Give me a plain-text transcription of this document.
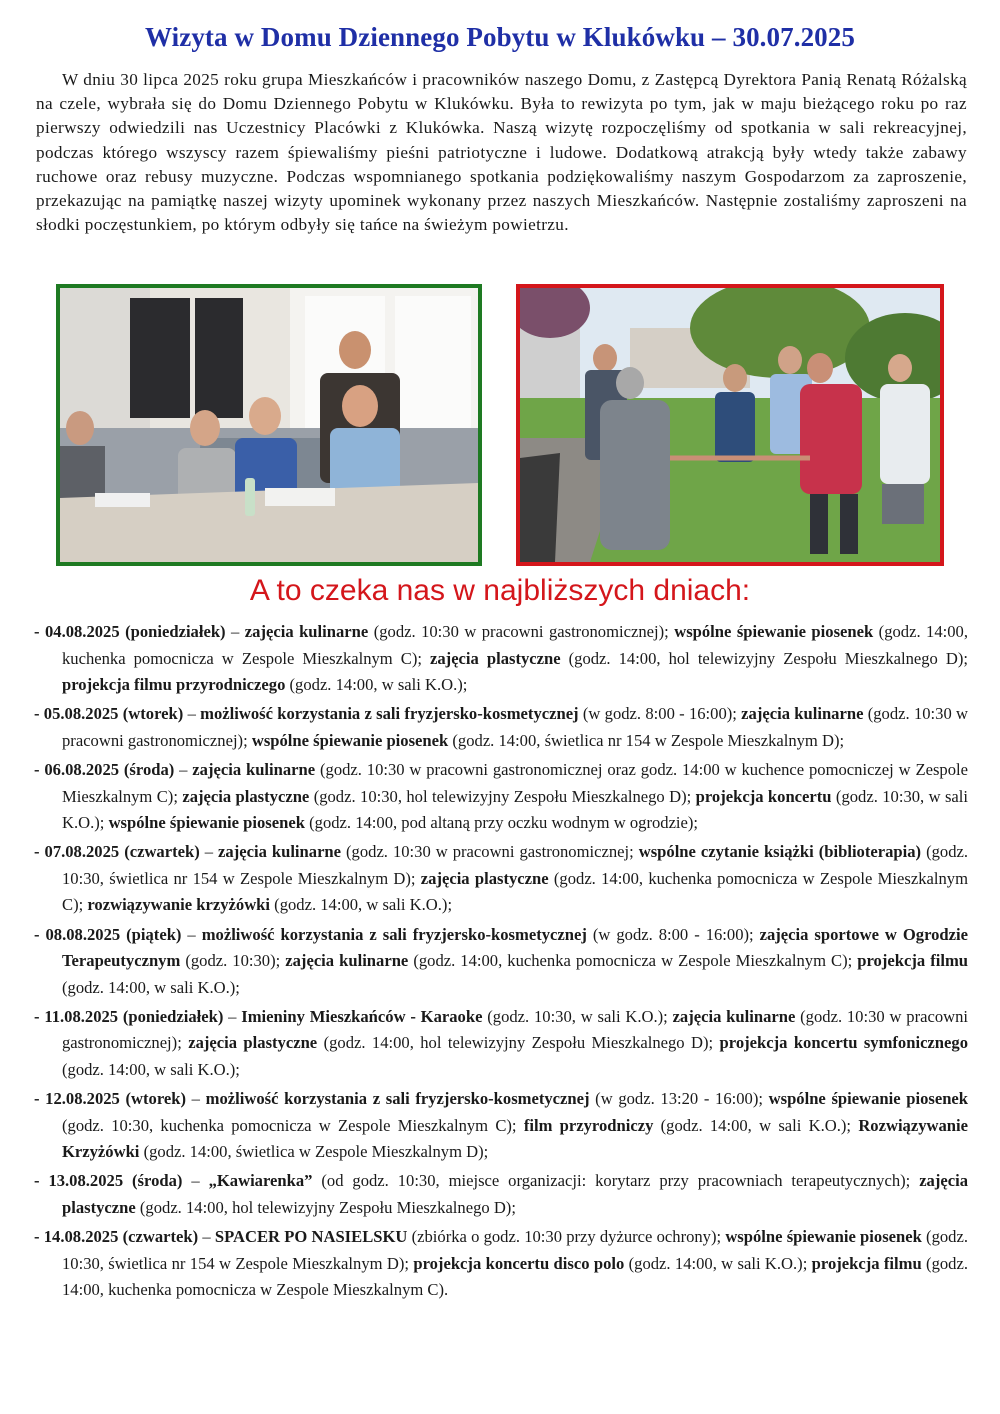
Wizyta w Domu Dziennego Pobytu w Klukówku – 30.07.2025

W dniu 30 lipca 2025 roku grupa Mieszkańców i pracowników naszego Domu, z Zastępcą Dyrektora Panią Renatą Różalską na czele, wybrała się do Domu Dziennego Pobytu w Klukówku. Była to rewizyta po tym, jak w maju bieżącego roku po raz pierwszy odwiedzili nas Uczestnicy Placówki z Klukówka. Naszą wizytę rozpoczęliśmy od spotkania w sali rekreacyjnej, podczas którego wszyscy razem śpiewaliśmy pieśni patriotyczne i ludowe. Dodatkową atrakcją były wtedy także zabawy ruchowe oraz rebusy muzyczne. Podczas wspomnianego spotkania podziękowaliśmy naszym Gospodarzom za zaproszenie, przekazując na pamiątkę naszej wizyty upominek wykonany przez naszych Mieszkańców. Następnie zostaliśmy zaproszeni na słodki poczęstunkiem, po którym odbyły się tańce na świeżym powietrzu.

A to czeka nas w najbliższych dniach:
- 04.08.2025 (poniedziałek) – zajęcia kulinarne (godz. 10:30 w pracowni gastronomicznej); wspólne śpiewanie piosenek (godz. 14:00, kuchenka pomocnicza w Zespole Mieszkalnym C); zajęcia plastyczne (godz. 14:00, hol telewizyjny Zespołu Mieszkalnego D); projekcja filmu przyrodniczego (godz. 14:00, w sali K.O.);
- 05.08.2025 (wtorek) – możliwość korzystania z sali fryzjersko-kosmetycznej (w godz. 8:00 - 16:00); zajęcia kulinarne (godz. 10:30 w pracowni gastronomicznej); wspólne śpiewanie piosenek (godz. 14:00, świetlica nr 154 w Zespole Mieszkalnym D);
- 06.08.2025 (środa) – zajęcia kulinarne (godz. 10:30 w pracowni gastronomicznej oraz godz. 14:00 w kuchence pomocniczej w Zespole Mieszkalnym C); zajęcia plastyczne (godz. 10:30, hol telewizyjny Zespołu Mieszkalnego D); projekcja koncertu (godz. 10:30, w sali K.O.); wspólne śpiewanie piosenek (godz. 14:00, pod altaną przy oczku wodnym w ogrodzie);
- 07.08.2025 (czwartek) – zajęcia kulinarne (godz. 10:30 w pracowni gastronomicznej; wspólne czytanie książki (biblioterapia) (godz. 10:30, świetlica nr 154 w Zespole Mieszkalnym D); zajęcia plastyczne (godz. 14:00, kuchenka pomocnicza w Zespole Mieszkalnym C); rozwiązywanie krzyżówki (godz. 14:00, w sali K.O.);
- 08.08.2025 (piątek) – możliwość korzystania z sali fryzjersko-kosmetycznej (w godz. 8:00 - 16:00); zajęcia sportowe w Ogrodzie Terapeutycznym (godz. 10:30); zajęcia kulinarne (godz. 14:00, kuchenka pomocnicza w Zespole Mieszkalnym C); projekcja filmu (godz. 14:00, w sali K.O.);
- 11.08.2025 (poniedziałek) – Imieniny Mieszkańców - Karaoke (godz. 10:30, w sali K.O.); zajęcia kulinarne (godz. 10:30 w pracowni gastronomicznej); zajęcia plastyczne (godz. 14:00, hol telewizyjny Zespołu Mieszkalnego D); projekcja koncertu symfonicznego (godz. 14:00, w sali K.O.);
- 12.08.2025 (wtorek) – możliwość korzystania z sali fryzjersko-kosmetycznej (w godz. 13:20 - 16:00); wspólne śpiewanie piosenek (godz. 10:30, kuchenka pomocnicza w Zespole Mieszkalnym C); film przyrodniczy (godz. 14:00, w sali K.O.); Rozwiązywanie Krzyżówki (godz. 14:00, świetlica w Zespole Mieszkalnym D);
- 13.08.2025 (środa) – „Kawiarenka” (od godz. 10:30, miejsce organizacji: korytarz przy pracowniach terapeutycznych); zajęcia plastyczne (godz. 14:00, hol telewizyjny Zespołu Mieszkalnego D);
- 14.08.2025 (czwartek) – SPACER PO NASIELSKU (zbiórka o godz. 10:30 przy dyżurce ochrony); wspólne śpiewanie piosenek (godz. 10:30, świetlica nr 154 w Zespole Mieszkalnym D); projekcja koncertu disco polo (godz. 14:00, w sali K.O.); projekcja filmu (godz. 14:00, kuchenka pomocnicza w Zespole Mieszkalnym C).
